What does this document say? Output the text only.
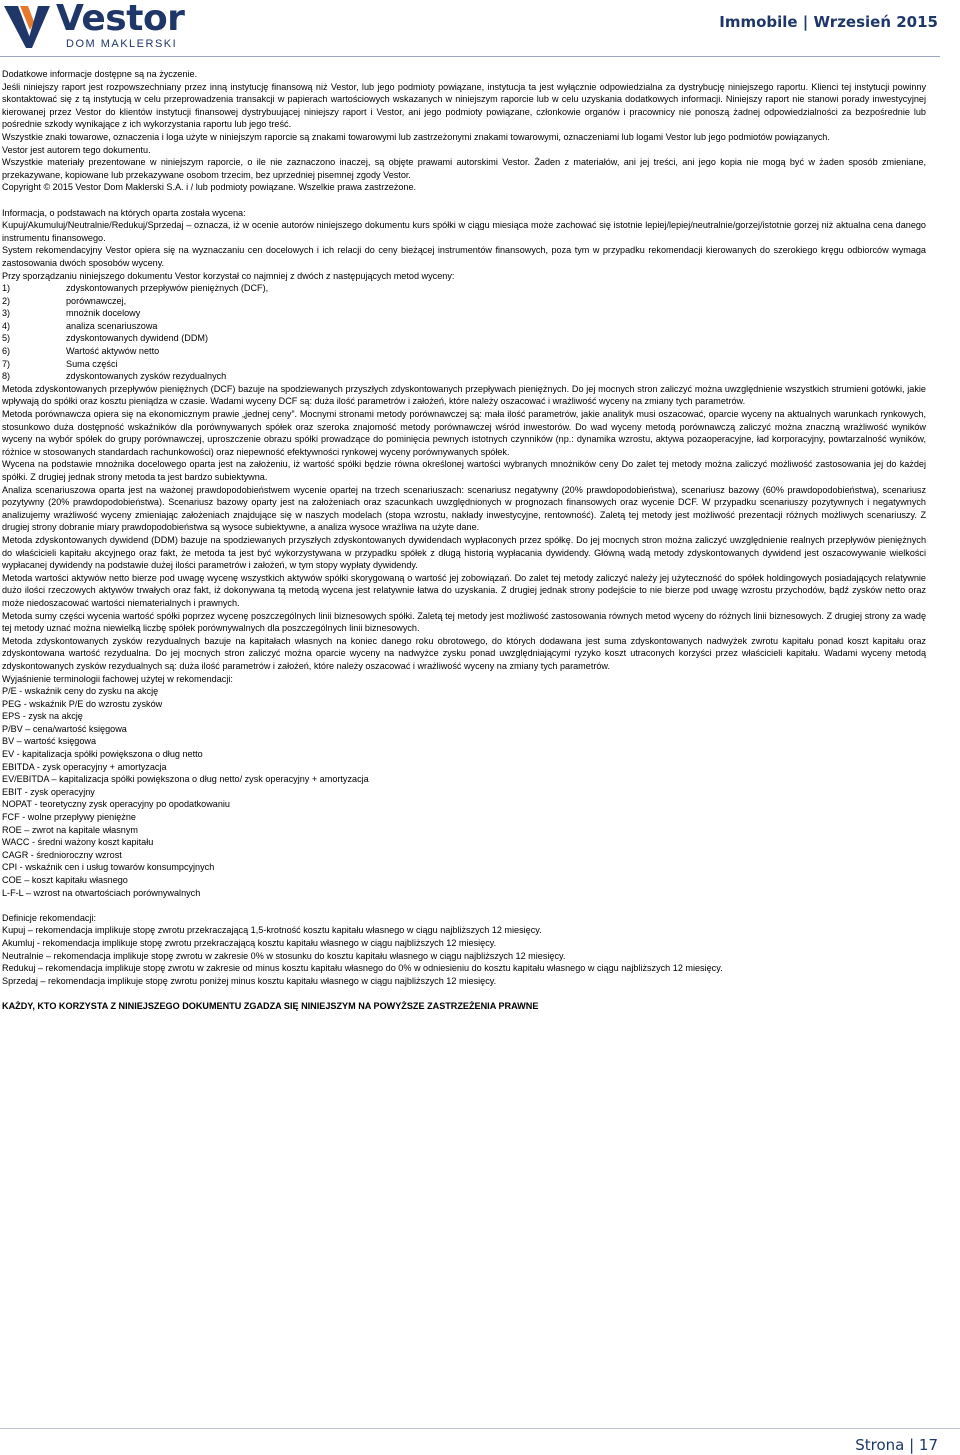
Vestor
DOM MAKLERSKI
Immobile | Wrzesień 2015

Dodatkowe informacje dostępne są na życzenie.

Jeśli niniejszy raport jest rozpowszechniany przez inną instytucję finansową niż Vestor, lub jego podmioty powiązane, instytucja ta jest wyłącznie odpowiedzialna za dystrybucję niniejszego raportu. Klienci tej instytucji powinny skontaktować się z tą instytucją w celu przeprowadzenia transakcji w papierach wartościowych wskazanych w niniejszym raporcie lub w celu uzyskania dodatkowych informacji. Niniejszy raport nie stanowi porady inwestycyjnej kierowanej przez Vestor do klientów instytucji finansowej dystrybuującej niniejszy raport i Vestor, ani jego podmioty powiązane, członkowie organów i pracownicy nie ponoszą żadnej odpowiedzialności za bezpośrednie lub pośrednie szkody wynikające z ich wykorzystania raportu lub jego treść.

Wszystkie znaki towarowe, oznaczenia i loga użyte w niniejszym raporcie są znakami towarowymi lub zastrzeżonymi znakami towarowymi, oznaczeniami lub logami Vestor lub jego podmiotów powiązanych.

Vestor jest autorem tego dokumentu.

Wszystkie materiały prezentowane w niniejszym raporcie, o ile nie zaznaczono inaczej, są objęte prawami autorskimi Vestor. Żaden z materiałów, ani jej treści, ani jego kopia nie mogą być w żaden sposób zmieniane, przekazywane, kopiowane lub przekazywane osobom trzecim, bez uprzedniej pisemnej zgody Vestor.

Copyright © 2015 Vestor Dom Maklerski S.A. i / lub podmioty powiązane. Wszelkie prawa zastrzeżone.

Informacja, o podstawach na których oparta została wycena:

Kupuj/Akumuluj/Neutralnie/Redukuj/Sprzedaj – oznacza, iż w ocenie autorów niniejszego dokumentu kurs spółki w ciągu miesiąca może zachować się istotnie lepiej/lepiej/neutralnie/gorzej/istotnie gorzej niż aktualna cena danego instrumentu finansowego.

System rekomendacyjny Vestor opiera się na wyznaczaniu cen docelowych i ich relacji do ceny bieżącej instrumentów finansowych, poza tym w przypadku rekomendacji kierowanych do szerokiego kręgu odbiorców wymaga zastosowania dwóch sposobów wyceny.

Przy sporządzaniu niniejszego dokumentu Vestor korzystał co najmniej z dwóch z następujących metod wyceny:

1)	zdyskontowanych przepływów pieniężnych (DCF),
2)	porównawczej,
3)	mnożnik docelowy
4)	analiza scenariuszowa
5)	zdyskontowanych dywidend (DDM)
6)	Wartość aktywów netto
7)	Suma części
8)	zdyskontowanych zysków rezydualnych

Metoda zdyskontowanych przepływów pieniężnych (DCF) bazuje na spodziewanych przyszłych zdyskontowanych przepływach pieniężnych. Do jej mocnych stron zaliczyć można uwzględnienie wszystkich strumieni gotówki, jakie wpływają do spółki oraz kosztu pieniądza w czasie. Wadami wyceny DCF są: duża ilość parametrów i założeń, które należy oszacować i wrażliwość wyceny na zmiany tych parametrów.

Metoda porównawcza opiera się na ekonomicznym prawie „jednej ceny”. Mocnymi stronami metody porównawczej są: mała ilość parametrów, jakie analityk musi oszacować, oparcie wyceny na aktualnych warunkach rynkowych, stosunkowo duża dostępność wskaźników dla porównywanych spółek oraz szeroka znajomość metody porównawczej wśród inwestorów. Do wad wyceny metodą porównawczą zaliczyć można znaczną wrażliwość wyników wyceny na wybór spółek do grupy porównawczej, uproszczenie obrazu spółki prowadzące do pominięcia pewnych istotnych czynników (np.: dynamika wzrostu, aktywa pozaoperacyjne, ład korporacyjny, powtarzalność wyników, różnice w stosowanych standardach rachunkowości) oraz niepewność efektywności rynkowej wyceny porównywanych spółek.

Wycena na podstawie mnożnika docelowego oparta jest na założeniu, iż wartość spółki będzie równa określonej wartości wybranych mnożników ceny Do zalet tej metody można zaliczyć możliwość zastosowania jej do każdej spółki. Z drugiej jednak strony metoda ta jest bardzo subiektywna.

Analiza scenariuszowa oparta jest na ważonej prawdopodobieństwem wycenie opartej na trzech scenariuszach: scenariusz negatywny (20% prawdopodobieństwa), scenariusz bazowy (60% prawdopodobieństwa), scenariusz pozytywny (20% prawdopodobieństwa). Scenariusz bazowy oparty jest na założeniach oraz szacunkach uwzględnionych w prognozach finansowych oraz wycenie DCF. W przypadku scenariuszy pozytywnych i negatywnych analizujemy wrażliwość wyceny zmieniając założeniach znajdujące się w naszych modelach (stopa wzrostu, nakłady inwestycyjne, rentowność). Zaletą tej metody jest możliwość prezentacji różnych możliwych scenariuszy. Z drugiej strony dobranie miary prawdopodobieństwa są wysoce subiektywne, a analiza wysoce wrażliwa na użyte dane.

Metoda zdyskontowanych dywidend (DDM) bazuje na spodziewanych przyszłych zdyskontowanych dywidendach wypłaconych przez spółkę. Do jej mocnych stron można zaliczyć uwzględnienie realnych przepływów pieniężnych do właścicieli kapitału akcyjnego oraz fakt, że metoda ta jest być wykorzystywana w przypadku spółek z długą historią wypłacania dywidendy. Główną wadą metody zdyskontowanych dywidend jest oszacowywanie wielkości wypłacanej dywidendy na podstawie dużej ilości parametrów i założeń, w tym stopy wypłaty dywidendy.

Metoda wartości aktywów netto bierze pod uwagę wycenę wszystkich aktywów spółki skorygowaną o wartość jej zobowiązań. Do zalet tej metody zaliczyć należy jej użyteczność do spółek holdingowych posiadających relatywnie dużo ilości rzeczowych aktywów trwałych oraz fakt, iż dokonywana tą metodą wycena jest relatywnie łatwa do uzyskania. Z drugiej jednak strony podejście to nie bierze pod uwagę wzrostu przychodów, bądź zysków netto oraz może niedoszacować wartości niematerialnych i prawnych.

Metoda sumy części wycenia wartość spółki poprzez wycenę poszczególnych linii biznesowych spółki. Zaletą tej metody jest możliwość zastosowania równych metod wyceny do różnych linii biznesowych. Z drugiej strony za wadę tej metody uznać można niewielką liczbę spółek porównywalnych dla poszczególnych linii biznesowych.

Metoda zdyskontowanych zysków rezydualnych bazuje na kapitałach własnych na koniec danego roku obrotowego, do których dodawana jest suma zdyskontowanych nadwyżek zwrotu kapitału ponad koszt kapitału oraz zdyskontowana wartość rezydualna. Do jej mocnych stron zaliczyć można oparcie wyceny na nadwyżce zysku ponad uwzględniającymi ryzyko koszt utraconych korzyści przez właścicieli kapitału. Wadami wyceny metodą zdyskontowanych zysków rezydualnych są: duża ilość parametrów i założeń, które należy oszacować i wrażliwość wyceny na zmiany tych parametrów.

Wyjaśnienie terminologii fachowej użytej w rekomendacji:

P/E - wskaźnik ceny do zysku na akcję

PEG - wskaźnik P/E do wzrostu zysków

EPS - zysk na akcję

P/BV – cena/wartość księgowa

BV – wartość księgowa

EV - kapitalizacja spółki powiększona o dług netto

EBITDA - zysk operacyjny + amortyzacja

EV/EBITDA – kapitalizacja spółki powiększona o dług netto/ zysk operacyjny + amortyzacja

EBIT - zysk operacyjny

NOPAT - teoretyczny zysk operacyjny po opodatkowaniu

FCF - wolne przepływy pieniężne

ROE – zwrot na kapitale własnym

WACC - średni ważony koszt kapitału

CAGR - średnioroczny wzrost

CPI - wskaźnik cen i usług towarów konsumpcyjnych

COE – koszt kapitału własnego

L-F-L – wzrost na otwartościach porównywalnych

Definicje rekomendacji:

Kupuj – rekomendacja implikuje stopę zwrotu przekraczającą 1,5-krotność kosztu kapitału własnego w ciągu najbliższych 12 miesięcy.

Akumluj - rekomendacja implikuje stopę zwrotu przekraczającą kosztu kapitału własnego w ciągu najbliższych 12 miesięcy.

Neutralnie – rekomendacja implikuje stopę zwrotu w zakresie 0% w stosunku do kosztu kapitału własnego w ciągu najbliższych 12 miesięcy.

Redukuj – rekomendacja implikuje stopę zwrotu w zakresie od minus kosztu kapitału własnego do 0% w odniesieniu do kosztu kapitału własnego w ciągu najbliższych 12 miesięcy.

Sprzedaj – rekomendacja implikuje stopę zwrotu poniżej minus kosztu kapitału własnego w ciągu najbliższych 12 miesięcy.

KAŻDY, KTO KORZYSTA Z NINIEJSZEGO DOKUMENTU ZGADZA SIĘ NINIEJSZYM NA POWYŻSZE ZASTRZEŻENIA PRAWNE

Strona | 17
